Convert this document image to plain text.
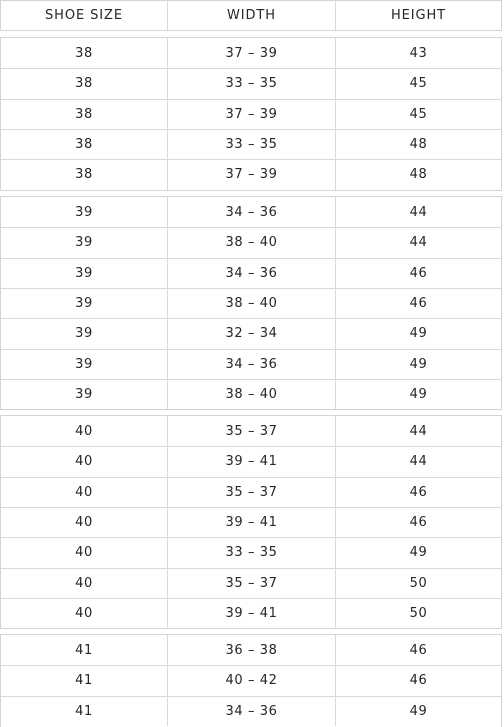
SHOE SIZE	WIDTH	HEIGHT
38	37 – 39	43
38	33 – 35	45
38	37 – 39	45
38	33 – 35	48
38	37 – 39	48
39	34 – 36	44
39	38 – 40	44
39	34 – 36	46
39	38 – 40	46
39	32 – 34	49
39	34 – 36	49
39	38 – 40	49
40	35 – 37	44
40	39 – 41	44
40	35 – 37	46
40	39 – 41	46
40	33 – 35	49
40	35 – 37	50
40	39 – 41	50
41	36 – 38	46
41	40 – 42	46
41	34 – 36	49
